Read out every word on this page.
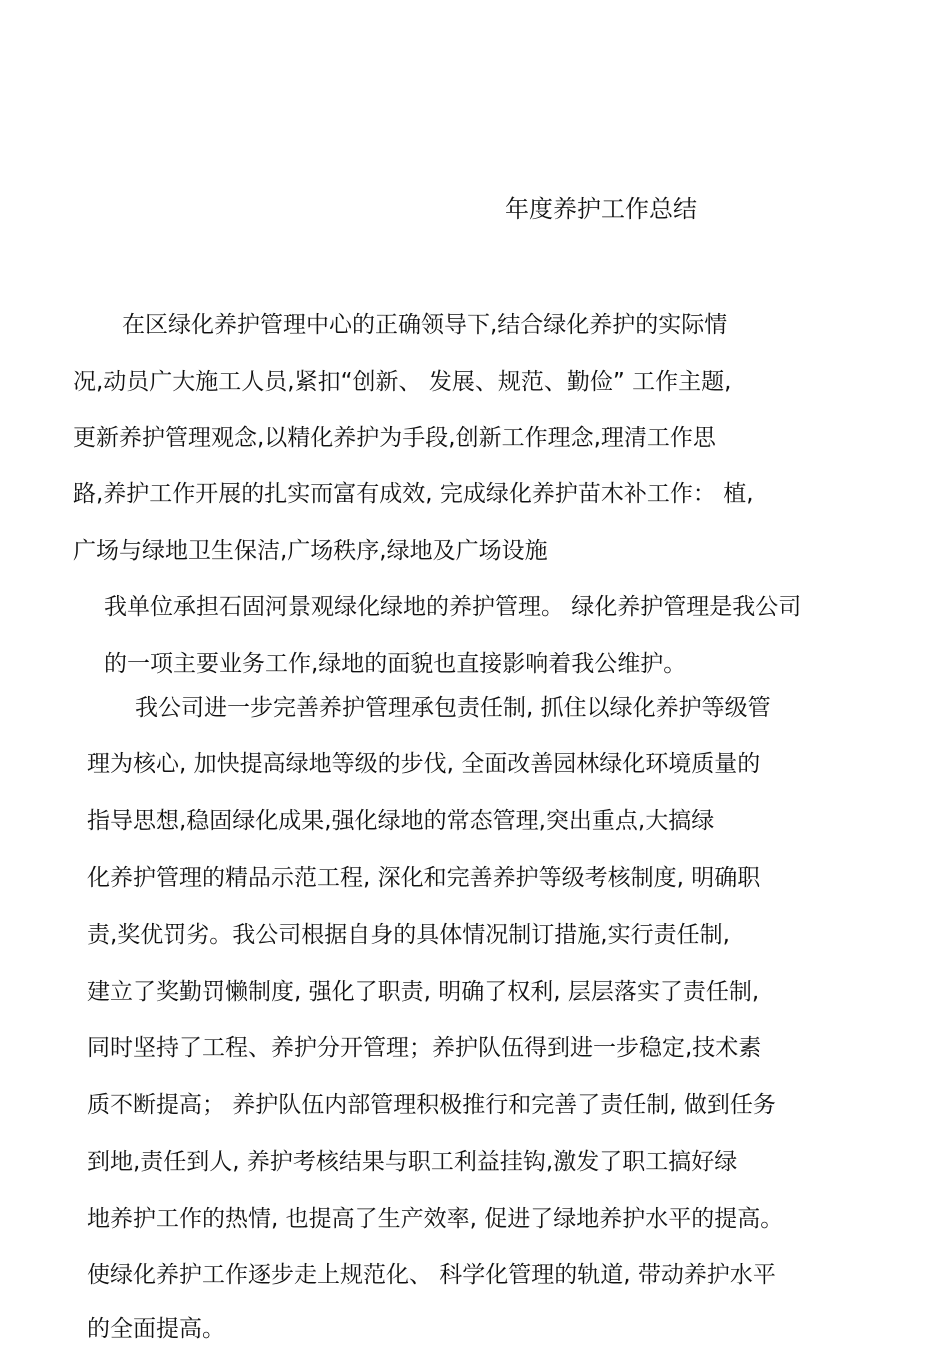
年度养护工作总结
在区绿化养护管理中心的正确领导下,结合绿化养护的实际情
况,动员广大施工人员,紧扣“创新、 发展、规范、勤俭” 工作主题,
更新养护管理观念,以精化养护为手段,创新工作理念,理清工作思
路,养护工作开展的扎实而富有成效, 完成绿化养护苗木补工作： 植,
广场与绿地卫生保洁,广场秩序,绿地及广场设施
我单位承担石固河景观绿化绿地的养护管理。 绿化养护管理是我公司
的一项主要业务工作,绿地的面貌也直接影响着我公维护。
我公司进一步完善养护管理承包责任制, 抓住以绿化养护等级管
理为核心, 加快提高绿地等级的步伐, 全面改善园林绿化环境质量的
指导思想,稳固绿化成果,强化绿地的常态管理,突出重点,大搞绿
化养护管理的精品示范工程, 深化和完善养护等级考核制度, 明确职
责,奖优罚劣。我公司根据自身的具体情况制订措施,实行责任制,
建立了奖勤罚懒制度, 强化了职责, 明确了权利, 层层落实了责任制,
同时坚持了工程、养护分开管理；养护队伍得到进一步稳定,技术素
质不断提高； 养护队伍内部管理积极推行和完善了责任制, 做到任务
到地,责任到人, 养护考核结果与职工利益挂钩,激发了职工搞好绿
地养护工作的热情, 也提高了生产效率, 促进了绿地养护水平的提高。
使绿化养护工作逐步走上规范化、 科学化管理的轨道, 带动养护水平
的全面提高。
